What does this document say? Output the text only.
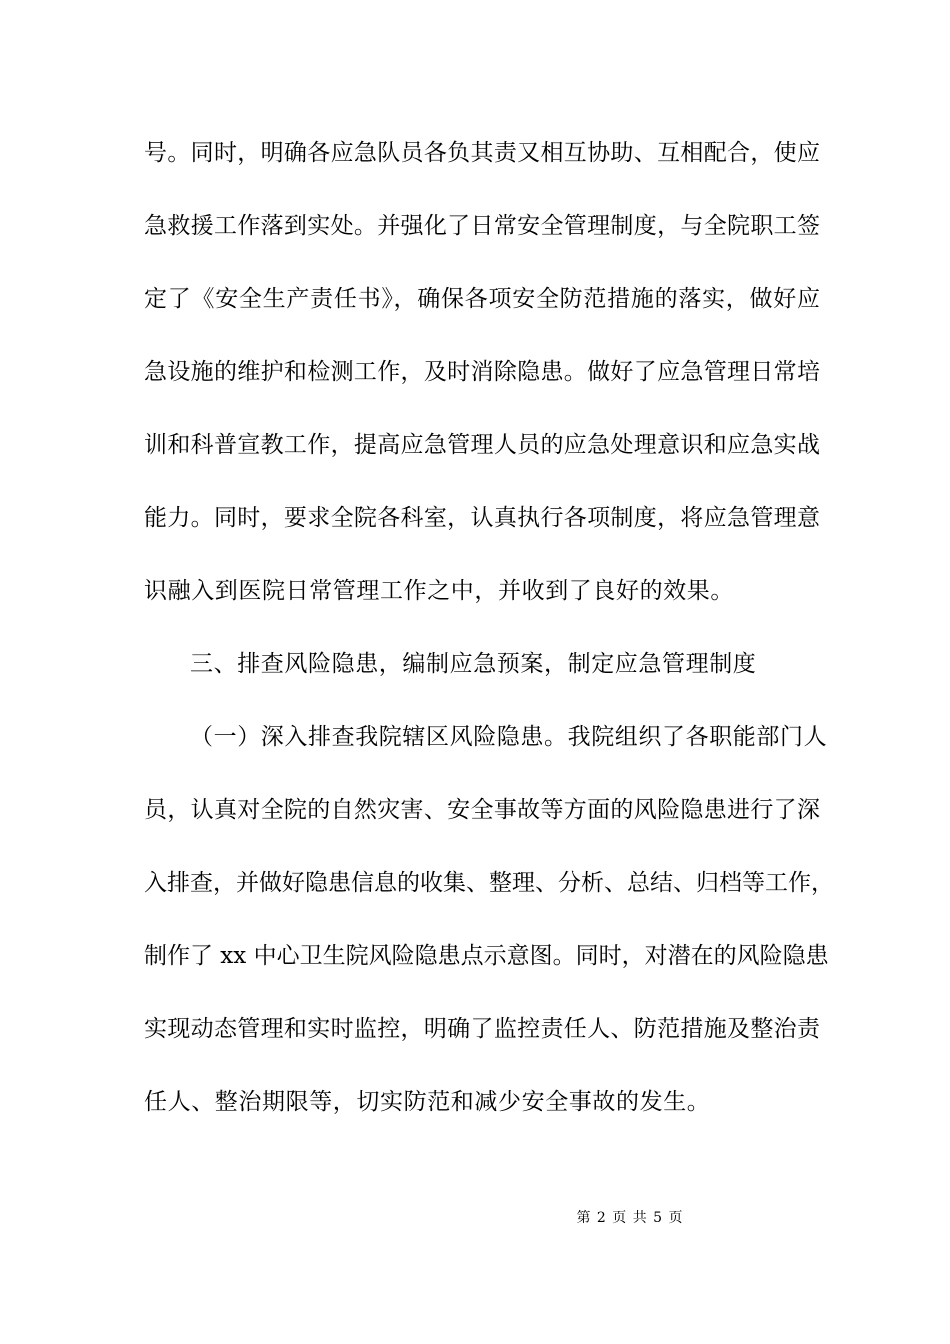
号。同时，明确各应急队员各负其责又相互协助、互相配合，使应
急救援工作落到实处。并强化了日常安全管理制度，与全院职工签
定了《安全生产责任书》，确保各项安全防范措施的落实，做好应
急设施的维护和检测工作，及时消除隐患。做好了应急管理日常培
训和科普宣教工作，提高应急管理人员的应急处理意识和应急实战
能力。同时，要求全院各科室，认真执行各项制度，将应急管理意
识融入到医院日常管理工作之中，并收到了良好的效果。
三、排查风险隐患，编制应急预案，制定应急管理制度
（一）深入排查我院辖区风险隐患。我院组织了各职能部门人
员，认真对全院的自然灾害、安全事故等方面的风险隐患进行了深
入排查，并做好隐患信息的收集、整理、分析、总结、归档等工作，
制作了 xx 中心卫生院风险隐患点示意图。同时，对潜在的风险隐患
实现动态管理和实时监控，明确了监控责任人、防范措施及整治责
任人、整治期限等，切实防范和减少安全事故的发生。
第 2 页 共 5 页
